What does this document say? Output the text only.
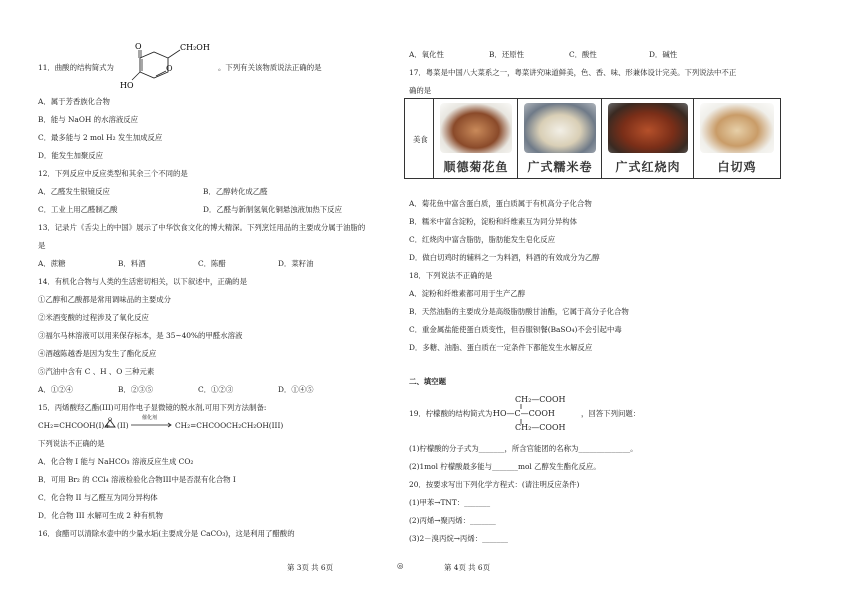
11．曲酸的结构简式为
O
O
CH₂OH
HO
。下列有关该物质说法正确的是
A．属于芳香族化合物
B．能与 NaOH 的水溶液反应
C．最多能与 2 mol H₂ 发生加成反应
D．能发生加聚反应
12．下列反应中反应类型和其余三个不同的是
A．乙醛发生银镜反应	B．乙醇转化成乙醛
C．工业上用乙醛制乙酸	D．乙醛与新制氢氧化铜悬浊液加热下反应
13．记录片《舌尖上的中国》展示了中华饮食文化的博大精深。下列烹饪用品的主要成分属于油脂的
是
A．蔗糖	B．料酒	C．陈醋	D．菜籽油
14．有机化合物与人类的生活密切相关，以下叙述中，正确的是
①乙醇和乙酸都是常用调味品的主要成分
②米酒变酸的过程涉及了氧化反应
③福尔马林溶液可以用来保存标本，是 35~40%的甲醛水溶液
④酒越陈越香是因为发生了酯化反应
⑤汽油中含有 C 、H 、O 三种元素
A．①②④	B．②③⑤	C．①②③	D．①④⑤
15．丙烯酸羟乙酯(III)可用作电子显微镜的脱水剂,可用下列方法制备:
CH₂=CHCOOH(I)+
O
(II)
催化剂
CH₂=CHCOOCH₂CH₂OH(III)
下列说法不正确的是
A．化合物 I 能与 NaHCO₃ 溶液反应生成 CO₂
B．可用 Br₂ 的 CCl₄ 溶液检验化合物III中是否混有化合物 I
C．化合物 II 与乙醛互为同分异构体
D．化合物 III 水解可生成 2 种有机物
16．食醋可以清除水壶中的少量水垢(主要成分是 CaCO₃)，这是利用了醋酸的
第 3页 共 6页	◎
A．氧化性	B．还原性	C．酸性	D．碱性
17．粤菜是中国八大菜系之一，粤菜讲究味道鲜美，色、香、味、形兼体设计完美。下列说法中不正
确的是
美食
顺德菊花鱼	广式糯米卷	广式红烧肉	白切鸡
A．菊花鱼中富含蛋白质，蛋白质属于有机高分子化合物
B．糯米中富含淀粉，淀粉和纤维素互为同分异构体
C．红烧肉中富含脂肪，脂肪能发生皂化反应
D．做白切鸡时的辅料之一为料酒，料酒的有效成分为乙醇
18．下列说法不正确的是
A．淀粉和纤维素都可用于生产乙醇
B．天然油脂的主要成分是高级脂肪酸甘油酯，它属于高分子化合物
C．重金属盐能使蛋白质变性，但吞服钡餐(BaSO₄)不会引起中毒
D．多糖、油脂、蛋白质在一定条件下都能发生水解反应
二、填空题
19．柠檬酸的结构简式为：
CH₂—COOH
HO—C—COOH
CH₂—COOH
，回答下列问题：
(1)柠檬酸的分子式为_______，所含官能团的名称为______________。
(2)1mol 柠檬酸最多能与_______mol 乙醇发生酯化反应。
20．按要求写出下列化学方程式：(请注明反应条件)
(1)甲苯→TNT：_______
(2)丙烯→聚丙烯：_______
(3)2－溴丙烷→丙烯：_______
第 4页 共 6页
